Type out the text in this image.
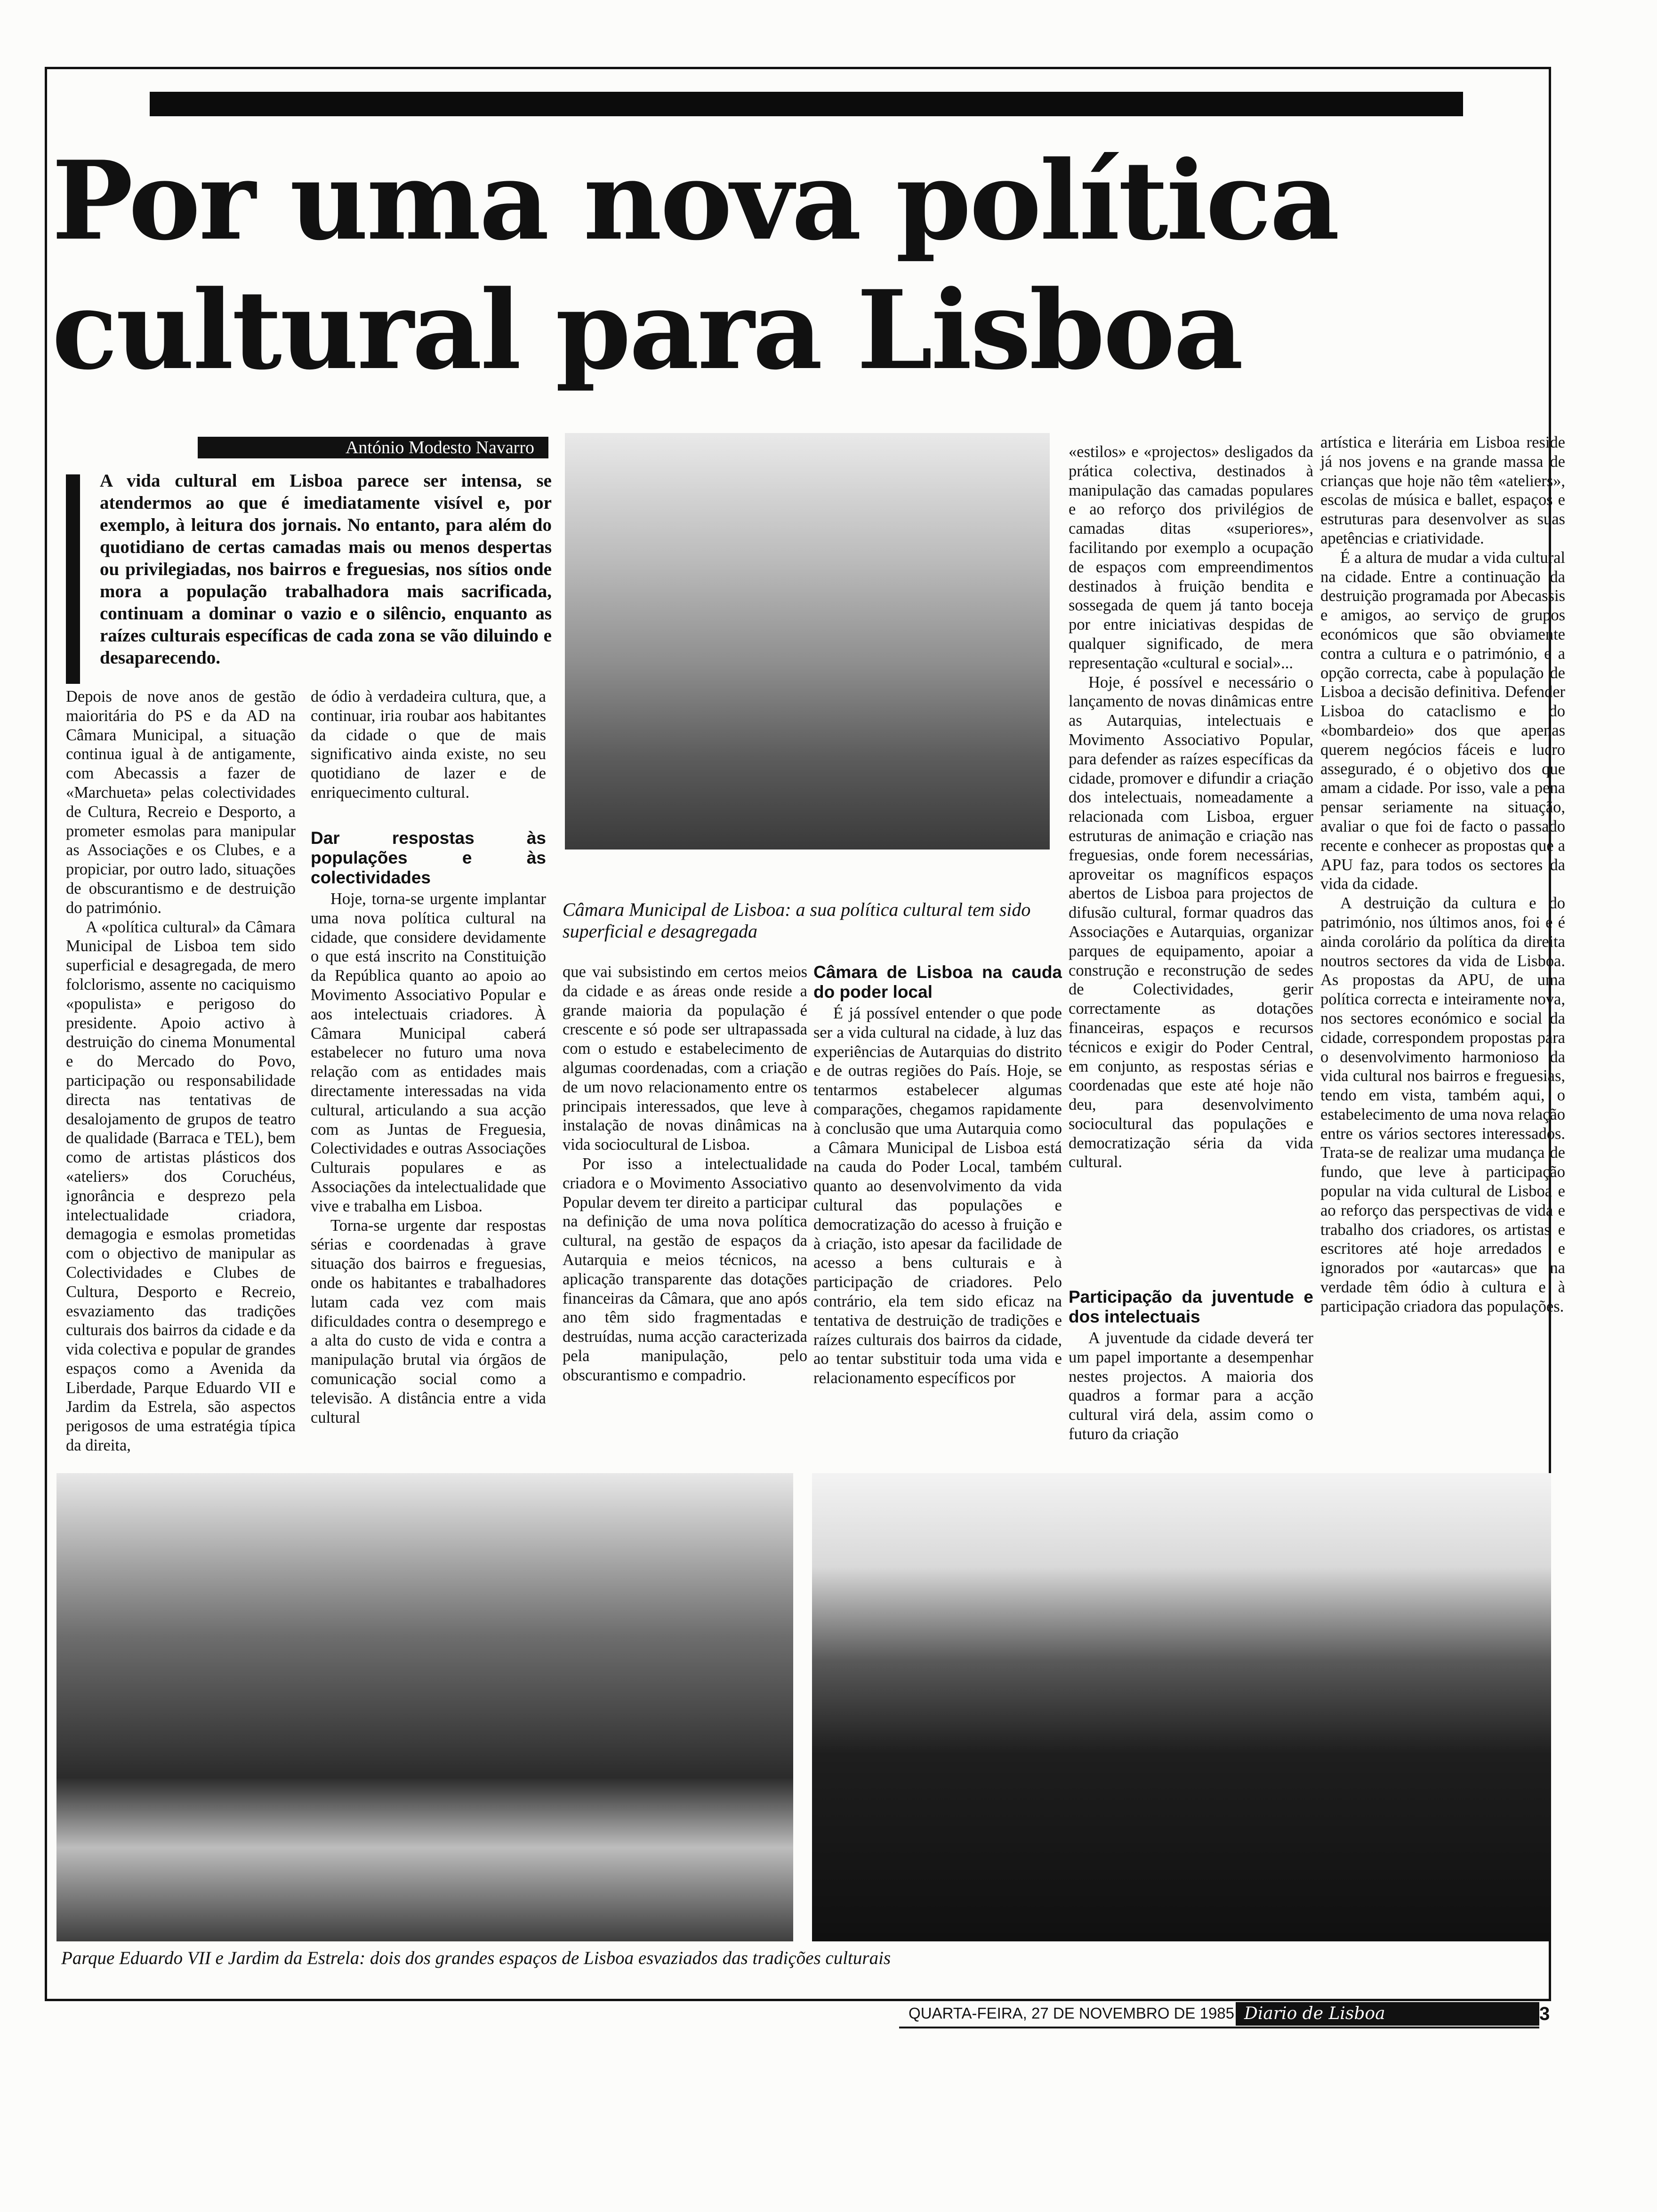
Por uma nova política cultural para Lisboa
António Modesto Navarro
A vida cultural em Lisboa parece ser intensa, se atendermos ao que é imediatamente visível e, por exemplo, à leitura dos jornais. No entanto, para além do quotidiano de certas camadas mais ou menos despertas ou privilegiadas, nos bairros e freguesias, nos sítios onde mora a população trabalhadora mais sacrificada, continuam a dominar o vazio e o silêncio, enquanto as raízes culturais específicas de cada zona se vão diluindo e desaparecendo.

Depois de nove anos de gestão maioritária do PS e da AD na Câmara Municipal, a situação continua igual à de antigamente, com Abecassis a fazer de «Marchueta» pelas colectividades de Cultura, Recreio e Desporto, a prometer esmolas para manipular as Associações e os Clubes, e a propiciar, por outro lado, situações de obscurantismo e de destruição do património.

A «política cultural» da Câmara Municipal de Lisboa tem sido superficial e desagregada, de mero folclorismo, assente no caciquismo «populista» e perigoso do presidente. Apoio activo à destruição do cinema Monumental e do Mercado do Povo, participação ou responsabilidade directa nas tentativas de desalojamento de grupos de teatro de qualidade (Barraca e TEL), bem como de artistas plásticos dos «ateliers» dos Coruchéus, ignorância e desprezo pela intelectualidade criadora, demagogia e esmolas prometidas com o objectivo de manipular as Colectividades e Clubes de Cultura, Desporto e Recreio, esvaziamento das tradições culturais dos bairros da cidade e da vida colectiva e popular de grandes espaços como a Avenida da Liberdade, Parque Eduardo VII e Jardim da Estrela, são aspectos perigosos de uma estratégia típica da direita,

de ódio à verdadeira cultura, que, a continuar, iria roubar aos habitantes da cidade o que de mais significativo ainda existe, no seu quotidiano de lazer e de enriquecimento cultural.

Dar respostas às populações e às colectividades

Hoje, torna-se urgente implantar uma nova política cultural na cidade, que considere devidamente o que está inscrito na Constituição da República quanto ao apoio ao Movimento Associativo Popular e aos intelectuais criadores. À Câmara Municipal caberá estabelecer no futuro uma nova relação com as entidades mais directamente interessadas na vida cultural, articulando a sua acção com as Juntas de Freguesia, Colectividades e outras Associações Culturais populares e as Associações da intelectualidade que vive e trabalha em Lisboa.

Torna-se urgente dar respostas sérias e coordenadas à grave situação dos bairros e freguesias, onde os habitantes e trabalhadores lutam cada vez com mais dificuldades contra o desemprego e a alta do custo de vida e contra a manipulação brutal via órgãos de comunicação social como a televisão. A distância entre a vida cultural

Câmara Municipal de Lisboa: a sua política cultural tem sido superficial e desagregada

que vai subsistindo em certos meios da cidade e as áreas onde reside a grande maioria da população é crescente e só pode ser ultrapassada com o estudo e estabelecimento de algumas coordenadas, com a criação de um novo relacionamento entre os principais interessados, que leve à instalação de novas dinâmicas na vida sociocultural de Lisboa.

Por isso a intelectualidade criadora e o Movimento Associativo Popular devem ter direito a participar na definição de uma nova política cultural, na gestão de espaços da Autarquia e meios técnicos, na aplicação transparente das dotações financeiras da Câmara, que ano após ano têm sido fragmentadas e destruídas, numa acção caracterizada pela manipulação, pelo obscurantismo e compadrio.

Câmara de Lisboa na cauda do poder local

É já possível entender o que pode ser a vida cultural na cidade, à luz das experiências de Autarquias do distrito e de outras regiões do País. Hoje, se tentarmos estabelecer algumas comparações, chegamos rapidamente à conclusão que uma Autarquia como a Câmara Municipal de Lisboa está na cauda do Poder Local, também quanto ao desenvolvimento da vida cultural das populações e democratização do acesso à fruição e à criação, isto apesar da facilidade de acesso a bens culturais e à participação de criadores. Pelo contrário, ela tem sido eficaz na tentativa de destruição de tradições e raízes culturais dos bairros da cidade, ao tentar substituir toda uma vida e relacionamento específicos por

«estilos» e «projectos» desligados da prática colectiva, destinados à manipulação das camadas populares e ao reforço dos privilégios de camadas ditas «superiores», facilitando por exemplo a ocupação de espaços com empreendimentos destinados à fruição bendita e sossegada de quem já tanto boceja por entre iniciativas despidas de qualquer significado, de mera representação «cultural e social»...

Hoje, é possível e necessário o lançamento de novas dinâmicas entre as Autarquias, intelectuais e Movimento Associativo Popular, para defender as raízes específicas da cidade, promover e difundir a criação dos intelectuais, nomeadamente a relacionada com Lisboa, erguer estruturas de animação e criação nas freguesias, onde forem necessárias, aproveitar os magníficos espaços abertos de Lisboa para projectos de difusão cultural, formar quadros das Associações e Autarquias, organizar parques de equipamento, apoiar a construção e reconstrução de sedes de Colectividades, gerir correctamente as dotações financeiras, espaços e recursos técnicos e exigir do Poder Central, em conjunto, as respostas sérias e coordenadas que este até hoje não deu, para desenvolvimento sociocultural das populações e democratização séria da vida cultural.

Participação da juventude e dos intelectuais

A juventude da cidade deverá ter um papel importante a desempenhar nestes projectos. A maioria dos quadros a formar para a acção cultural virá dela, assim como o futuro da criação

artística e literária em Lisboa reside já nos jovens e na grande massa de crianças que hoje não têm «ateliers», escolas de música e ballet, espaços e estruturas para desenvolver as suas apetências e criatividade.

É a altura de mudar a vida cultural na cidade. Entre a continuação da destruição programada por Abecassis e amigos, ao serviço de grupos económicos que são obviamente contra a cultura e o património, e a opção correcta, cabe à população de Lisboa a decisão definitiva. Defender Lisboa do cataclismo e do «bombardeio» dos que apenas querem negócios fáceis e lucro assegurado, é o objetivo dos que amam a cidade. Por isso, vale a pena pensar seriamente na situação, avaliar o que foi de facto o passado recente e conhecer as propostas que a APU faz, para todos os sectores da vida da cidade.

A destruição da cultura e do património, nos últimos anos, foi e é ainda corolário da política da direita noutros sectores da vida de Lisboa. As propostas da APU, de uma política correcta e inteiramente nova, nos sectores económico e social da cidade, correspondem propostas para o desenvolvimento harmonioso da vida cultural nos bairros e freguesias, tendo em vista, também aqui, o estabelecimento de uma nova relação entre os vários sectores interessados. Trata-se de realizar uma mudança de fundo, que leve à participação popular na vida cultural de Lisboa e ao reforço das perspectivas de vida e trabalho dos criadores, os artistas e escritores até hoje arredados e ignorados por «autarcas» que na verdade têm ódio à cultura e à participação criadora das populações.

Parque Eduardo VII e Jardim da Estrela: dois dos grandes espaços de Lisboa esvaziados das tradições culturais
QUARTA-FEIRA, 27 DE NOVEMBRO DE 1985 Diario de Lisboa	3
